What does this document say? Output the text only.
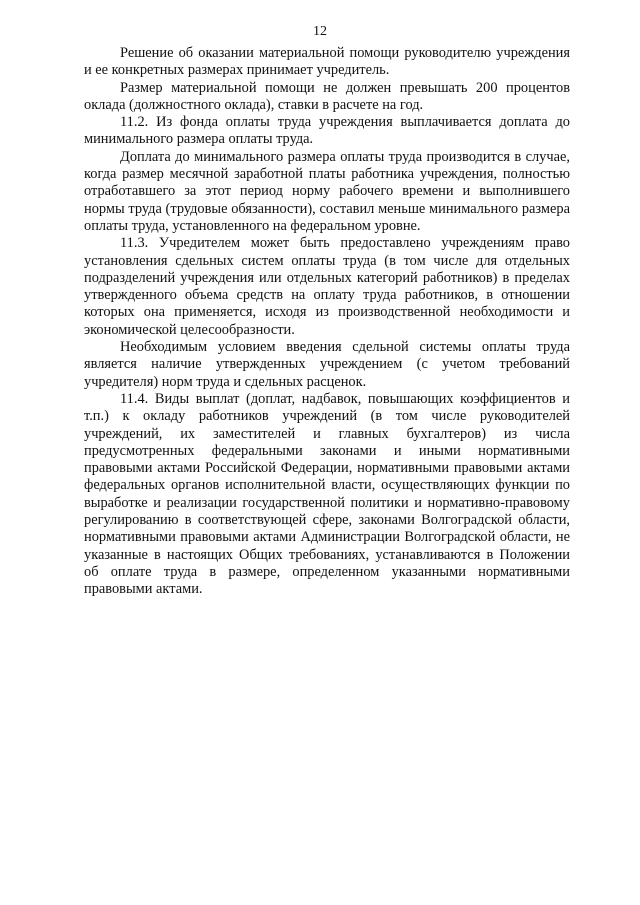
12

Решение об оказании материальной помощи руководителю учреждения и ее конкретных размерах принимает учредитель.

Размер материальной помощи не должен превышать 200 процентов оклада (должностного оклада), ставки в расчете на год.

11.2. Из фонда оплаты труда учреждения выплачивается доплата до минимального размера оплаты труда.

Доплата до минимального размера оплаты труда производится в случае, когда размер месячной заработной платы работника учреждения, полностью отработавшего за этот период норму рабочего времени и выполнившего нормы труда (трудовые обязанности), составил меньше минимального размера оплаты труда, установленного на федеральном уровне.

11.3. Учредителем может быть предоставлено учреждениям право установления сдельных систем оплаты труда (в том числе для отдельных подразделений учреждения или отдельных категорий работников) в пределах утвержденного объема средств на оплату труда работников, в отношении которых она применяется, исходя из производственной необходимости и экономической целесообразности.

Необходимым условием введения сдельной системы оплаты труда является наличие утвержденных учреждением (с учетом требований учредителя) норм труда и сдельных расценок.

11.4. Виды выплат (доплат, надбавок, повышающих коэффициентов и т.п.) к окладу работников учреждений (в том числе руководителей учреждений, их заместителей и главных бухгалтеров) из числа предусмотренных федеральными законами и иными нормативными правовыми актами Российской Федерации, нормативными правовыми актами федеральных органов исполнительной власти, осуществляющих функции по выработке и реализации государственной политики и нормативно-правовому регулированию в соответствующей сфере, законами Волгоградской области, нормативными правовыми актами Администрации Волгоградской области, не указанные в настоящих Общих требованиях, устанавливаются в Положении об оплате труда в размере, определенном указанными нормативными правовыми актами.
